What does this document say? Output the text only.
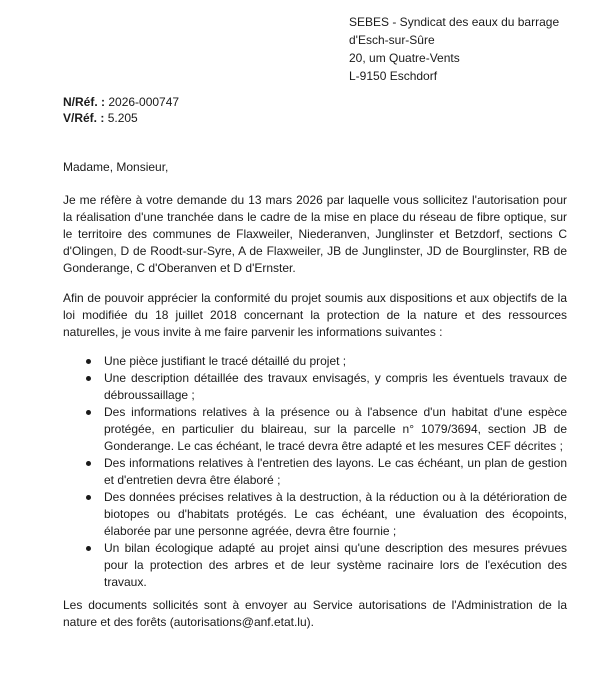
SEBES - Syndicat des eaux du barrage
d'Esch-sur-Sûre
20, um Quatre-Vents
L-9150 Eschdorf
N/Réf. : 2026-000747
V/Réf. : 5.205
Madame, Monsieur,

Je me réfère à votre demande du 13 mars 2026 par laquelle vous sollicitez l'autorisation pour la réalisation d'une tranchée dans le cadre de la mise en place du réseau de fibre optique, sur le territoire des communes de Flaxweiler, Niederanven, Junglinster et Betzdorf, sections C d'Olingen, D de Roodt-sur-Syre, A de Flaxweiler, JB de Junglinster, JD de Bourglinster, RB de Gonderange, C d'Oberanven et D d'Ernster.

Afin de pouvoir apprécier la conformité du projet soumis aux dispositions et aux objectifs de la loi modifiée du 18 juillet 2018 concernant la protection de la nature et des ressources naturelles, je vous invite à me faire parvenir les informations suivantes :

Une pièce justifiant le tracé détaillé du projet ;
Une description détaillée des travaux envisagés, y compris les éventuels travaux de débroussaillage ;
Des informations relatives à la présence ou à l'absence d'un habitat d'une espèce protégée, en particulier du blaireau, sur la parcelle n° 1079/3694, section JB de Gonderange. Le cas échéant, le tracé devra être adapté et les mesures CEF décrites ;
Des informations relatives à l'entretien des layons. Le cas échéant, un plan de gestion et d'entretien devra être élaboré ;
Des données précises relatives à la destruction, à la réduction ou à la détérioration de biotopes ou d'habitats protégés. Le cas échéant, une évaluation des écopoints, élaborée par une personne agréée, devra être fournie ;
Un bilan écologique adapté au projet ainsi qu'une description des mesures prévues pour la protection des arbres et de leur système racinaire lors de l'exécution des travaux.

Les documents sollicités sont à envoyer au Service autorisations de l'Administration de la nature et des forêts (autorisations@anf.etat.lu).
